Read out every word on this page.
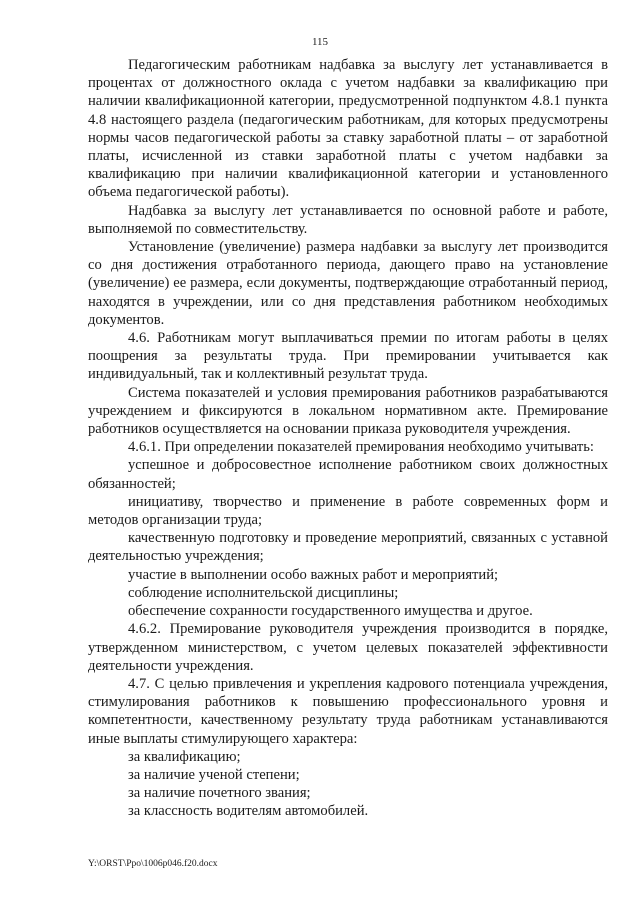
115

Педагогическим работникам надбавка за выслугу лет устанавливается в процентах от должностного оклада с учетом надбавки за квалификацию при наличии квалификационной категории, предусмотренной подпунктом 4.8.1 пункта 4.8 настоящего раздела (педагогическим работникам, для которых предусмотрены нормы часов педагогической работы за ставку заработной платы – от заработной платы, исчисленной из ставки заработной платы с учетом надбавки за квалификацию при наличии квалификационной категории и установленного объема педагогической работы).

Надбавка за выслугу лет устанавливается по основной работе и работе, выполняемой по совместительству.

Установление (увеличение) размера надбавки за выслугу лет производится со дня достижения отработанного периода, дающего право на установление (увеличение) ее размера, если документы, подтверждающие отработанный период, находятся в учреждении, или со дня представления работником необходимых документов.

4.6. Работникам могут выплачиваться премии по итогам работы в целях поощрения за результаты труда. При премировании учитывается как индивидуальный, так и коллективный результат труда.

Система показателей и условия премирования работников разрабатываются учреждением и фиксируются в локальном нормативном акте. Премирование работников осуществляется на основании приказа руководителя учреждения.

4.6.1. При определении показателей премирования необходимо учитывать:

успешное и добросовестное исполнение работником своих должностных обязанностей;

инициативу, творчество и применение в работе современных форм и методов организации труда;

качественную подготовку и проведение мероприятий, связанных с уставной деятельностью учреждения;

участие в выполнении особо важных работ и мероприятий;

соблюдение исполнительской дисциплины;

обеспечение сохранности государственного имущества и другое.

4.6.2. Премирование руководителя учреждения производится в порядке, утвержденном министерством, с учетом целевых показателей эффективности деятельности учреждения.

4.7. С целью привлечения и укрепления кадрового потенциала учреждения, стимулирования работников к повышению профессионального уровня и компетентности, качественному результату труда работникам устанавливаются иные выплаты стимулирующего характера:

за квалификацию;

за наличие ученой степени;

за наличие почетного звания;

за классность водителям автомобилей.

Y:\ORST\Ppo\1006p046.f20.docx
